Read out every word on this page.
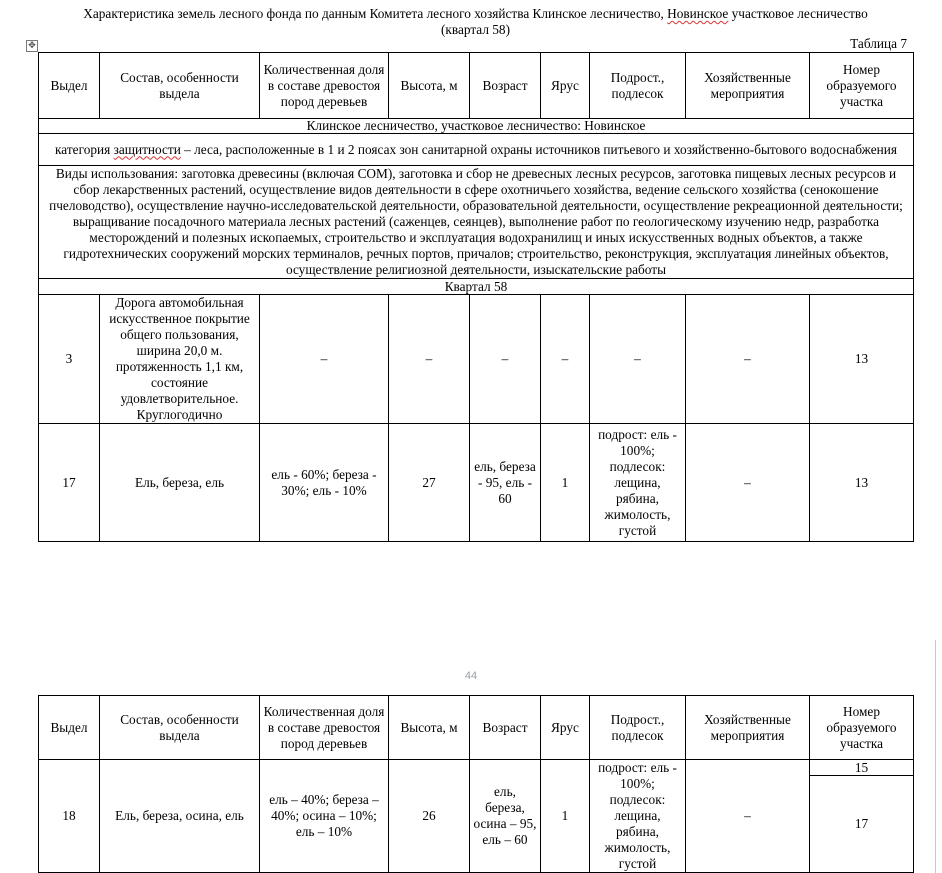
Характеристика земель лесного фонда по данным Комитета лесного хозяйства Клинское лесничество, Новинское участковое лесничество
(квартал 58)
✥	Таблица 7
Выдел	Состав, особенности выдела	Количественная доля в составе древостоя пород деревьев	Высота, м	Возраст	Ярус	Подрост., подлесок	Хозяйственные мероприятия	Номер образуемого участка
Клинское лесничество, участковое лесничество: Новинское								
категория защитности – леса, расположенные в 1 и 2 поясах зон санитарной охраны источников питьевого и хозяйственно-бытового водоснабжения								
Виды использования: заготовка древесины (включая СОМ), заготовка и сбор не древесных лесных ресурсов, заготовка пищевых лесных ресурсов и сбор лекарственных растений, осуществление видов деятельности в сфере охотничьего хозяйства, ведение сельского хозяйства (сенокошение пчеловодство), осуществление научно-исследовательской деятельности, образовательной деятельности, осуществление рекреационной деятельности; выращивание посадочного материала лесных растений (саженцев, сеянцев), выполнение работ по геологическому изучению недр, разработка месторождений и полезных ископаемых, строительство и эксплуатация водохранилищ и иных искусственных водных объектов, а также гидротехнических сооружений морских терминалов, речных портов, причалов; строительство, реконструкция, эксплуатация линейных объектов, осуществление религиозной деятельности, изыскательские работы								
Квартал 58								
3	Дорога автомобильная искусственное покрытие общего пользования, ширина 20,0 м. протяженность 1,1 км, состояние удовлетворительное. Круглогодично	–	–	–	–	–	–	13
17	Ель, береза, ель	ель - 60%; береза - 30%; ель - 10%	27	ель, береза - 95, ель - 60	1	подрост: ель - 100%; подлесок: лещина, рябина, жимолость, густой	–	13
44
Выдел	Состав, особенности выдела	Количественная доля в составе древостоя пород деревьев	Высота, м	Возраст	Ярус	Подрост., подлесок	Хозяйственные мероприятия	Номер образуемого участка
18	Ель, береза, осина, ель	ель – 40%; береза – 40%; осина – 10%; ель – 10%	26	ель, береза, осина – 95, ель – 60	1	подрост: ель - 100%; подлесок: лещина, рябина, жимолость, густой	–	15
								17
